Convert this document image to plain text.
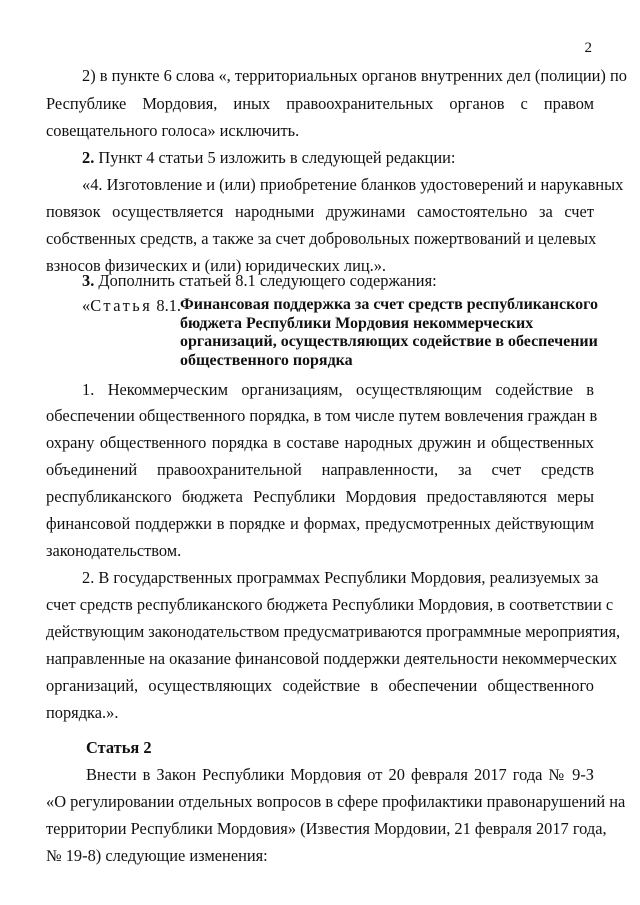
2

2) в пункте 6 слова «, территориальных органов внутренних дел (полиции) по

Республике Мордовия, иных правоохранительных органов с правом

совещательного голоса» исключить.

2. Пункт 4 статьи 5 изложить в следующей редакции:

«4. Изготовление и (или) приобретение бланков удостоверений и нарукавных

повязок осуществляется народными дружинами самостоятельно за счет

собственных средств, а также за счет добровольных пожертвований и целевых

взносов физических и (или) юридических лиц.».

3. Дополнить статьей 8.1 следующего содержания:

«Статья 8.1. Финансовая поддержка за счет средств республиканского бюджета Республики Мордовия некоммерческих организаций, осуществляющих содействие в обеспечении общественного порядка

1. Некоммерческим организациям, осуществляющим содействие в

обеспечении общественного порядка, в том числе путем вовлечения граждан в

охрану общественного порядка в составе народных дружин и общественных

объединений правоохранительной направленности, за счет средств

республиканского бюджета Республики Мордовия предоставляются меры

финансовой поддержки в порядке и формах, предусмотренных действующим

законодательством.

2. В государственных программах Республики Мордовия, реализуемых за

счет средств республиканского бюджета Республики Мордовия, в соответствии с

действующим законодательством предусматриваются программные мероприятия,

направленные на оказание финансовой поддержки деятельности некоммерческих

организаций, осуществляющих содействие в обеспечении общественного

порядка.».

Статья 2

Внести в Закон Республики Мордовия от 20 февраля 2017 года № 9-З

«О регулировании отдельных вопросов в сфере профилактики правонарушений на

территории Республики Мордовия» (Известия Мордовии, 21 февраля 2017 года,

№ 19-8) следующие изменения:
